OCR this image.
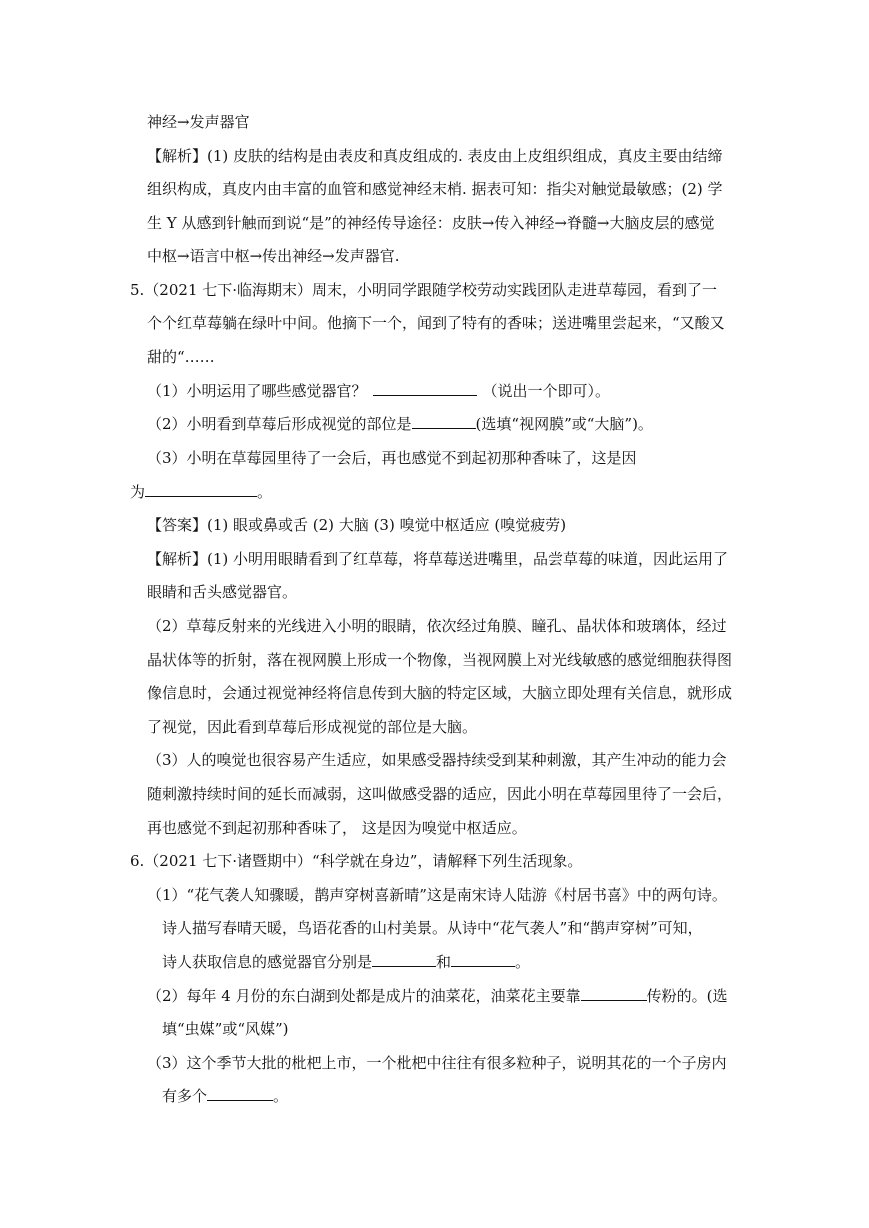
神经→发声器官
【解析】(1) 皮肤的结构是由表皮和真皮组成的. 表皮由上皮组织组成，真皮主要由结缔
组织构成，真皮内由丰富的血管和感觉神经末梢. 据表可知：指尖对触觉最敏感；(2) 学
生 Y 从感到针触而到说“是”的神经传导途径：皮肤→传入神经→脊髓→大脑皮层的感觉
中枢→语言中枢→传出神经→发声器官.
5.（2021 七下·临海期末）周末，小明同学跟随学校劳动实践团队走进草莓园，看到了一
个个红草莓躺在绿叶中间。他摘下一个，闻到了特有的香味；送进嘴里尝起来，“又酸又
甜的“……
（1）小明运用了哪些感觉器官？	（说出一个即可）。
（2）小明看到草莓后形成视觉的部位是	(选填“视网膜”或“大脑”)。
（3）小明在草莓园里待了一会后，再也感觉不到起初那种香味了，这是因
为	。
【答案】(1) 眼或鼻或舌 (2) 大脑 (3) 嗅觉中枢适应 (嗅觉疲劳)
【解析】(1) 小明用眼睛看到了红草莓，将草莓送进嘴里，品尝草莓的味道，因此运用了
眼睛和舌头感觉器官。
（2）草莓反射来的光线进入小明的眼睛，依次经过角膜、瞳孔、晶状体和玻璃体，经过
晶状体等的折射，落在视网膜上形成一个物像，当视网膜上对光线敏感的感觉细胞获得图
像信息时，会通过视觉神经将信息传到大脑的特定区域，大脑立即处理有关信息，就形成
了视觉，因此看到草莓后形成视觉的部位是大脑。
（3）人的嗅觉也很容易产生适应，如果感受器持续受到某种刺激，其产生冲动的能力会
随刺激持续时间的延长而减弱，这叫做感受器的适应，因此小明在草莓园里待了一会后，
再也感觉不到起初那种香味了， 这是因为嗅觉中枢适应。
6.（2021 七下·诸暨期中）“科学就在身边”，请解释下列生活现象。
（1）“花气袭人知骤暖，鹊声穿树喜新晴”这是南宋诗人陆游《村居书喜》中的两句诗。
诗人描写春晴天暖，鸟语花香的山村美景。从诗中“花气袭人”和“鹊声穿树”可知，
诗人获取信息的感觉器官分别是	和	。
（2）每年 4 月份的东白湖到处都是成片的油菜花，油菜花主要靠	传粉的。(选
填“虫媒”或“风媒”)
（3）这个季节大批的枇杷上市，一个枇杷中往往有很多粒种子，说明其花的一个子房内
有多个	。
